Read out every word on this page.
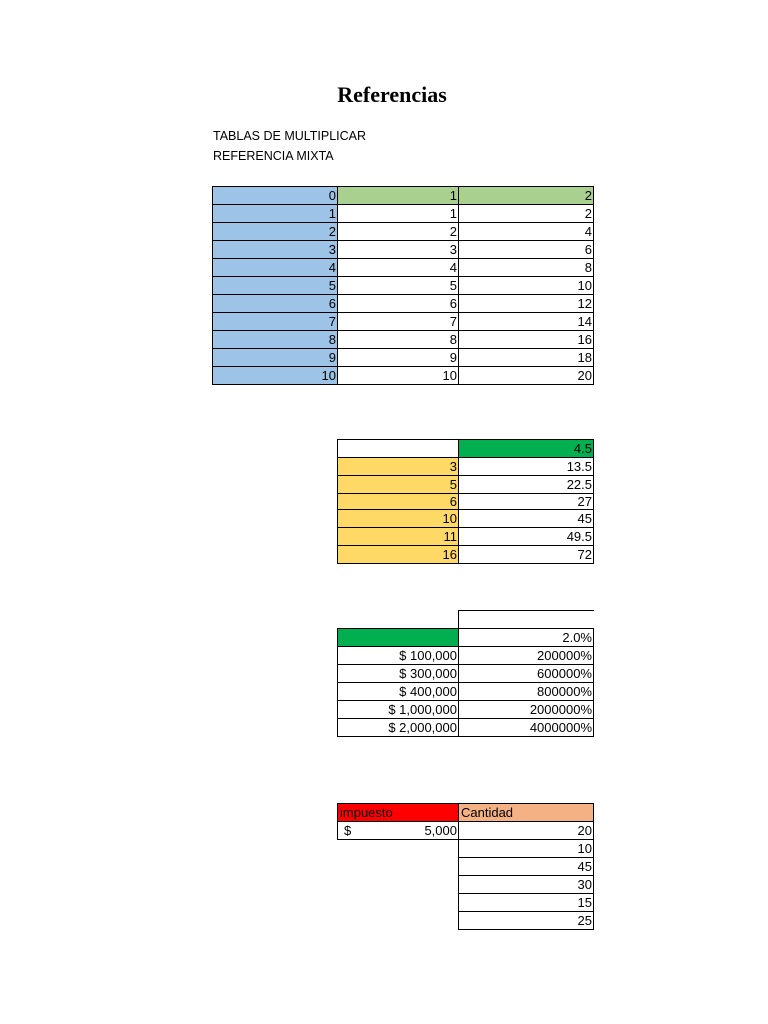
Referencias
TABLAS DE MULTIPLICAR
REFERENCIA MIXTA
0	1	2
1	1	2
2	2	4
3	3	6
4	4	8
5	5	10
6	6	12
7	7	14
8	8	16
9	9	18
10	10	20
	4.5
3	13.5
5	22.5
6	27
10	45
11	49.5
16	72

	2.0%
$ 100,000	200000%
$ 300,000	600000%
$ 400,000	800000%
$ 1,000,000	2000000%
$ 2,000,000	4000000%
impuesto	Cantidad

$ 5,000	20
	10
	45
	30
	15
	25
